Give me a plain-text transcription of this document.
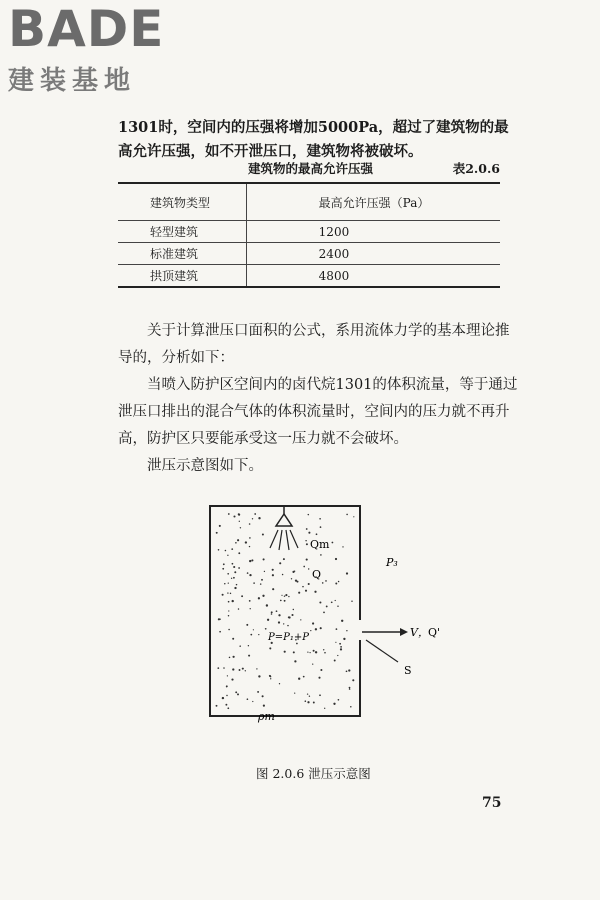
BADE
建装基地

1301时，空间内的压强将增加5000Pa，超过了建筑物的最高允许压强，如不开泄压口，建筑物将被破坏。

建筑物的最高允许压强	表2.0.6
建筑物类型	最高允许压强（Pa）
轻型建筑	1200
标准建筑	2400
拱顶建筑	4800

关于计算泄压口面积的公式，系用流体力学的基本理论推导的，分析如下：

当喷入防护区空间内的卤代烷1301的体积流量，等于通过泄压口排出的混合气体的体积流量时，空间内的压力就不再升高，防护区只要能承受这一压力就不会破坏。

泄压示意图如下。

Qm
Q
P₃
P=P₁+P	V， Q'
S
ρm
图 2.0.6 泄压示意图
75
